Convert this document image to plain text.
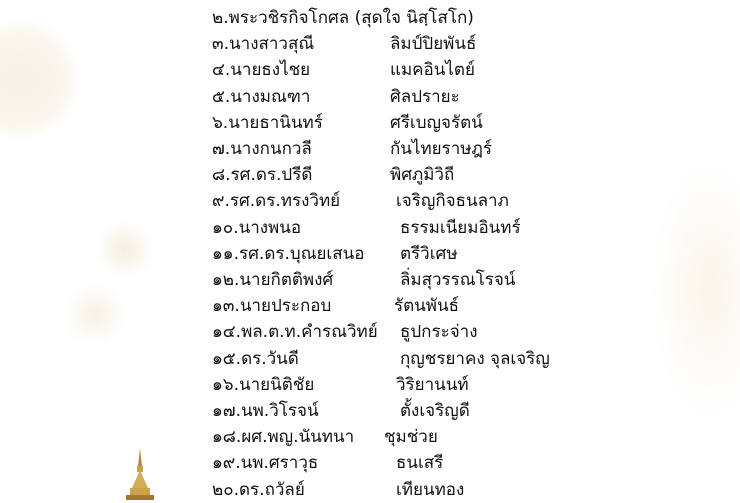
๒.พระวชิรกิจโกศล (สุดใจ นิสฺโสโก)
๓.นางสาวสุณี	ลิมป์ปิยพันธ์
๔.นายธงไชย	แมคอินไตย์
๕.นางมณฑา	ศิลปรายะ
๖.นายธานินทร์	ศรีเบญจรัตน์
๗.นางกนกวลี	กันไทยราษฎร์
๘.รศ.ดร.ปรีดี	พิศภูมิวิถี
๙.รศ.ดร.ทรงวิทย์	เจริญกิจธนลาภ
๑๐.นางพนอ	ธรรมเนียมอินทร์
๑๑.รศ.ดร.บุณยเสนอ ตรีวิเศษ
๑๒.นายกิตติพงศ์	ลิ่มสุวรรณโรจน์
๑๓.นายประกอบ	รัตนพันธ์
๑๔.พล.ต.ท.คำรณวิทย์ ธูปกระจ่าง
๑๕.ดร.วันดี	กุญชรยาคง จุลเจริญ
๑๖.นายนิติชัย	วิริยานนท์
๑๗.นพ.วิโรจน์	ตั้งเจริญดี
๑๘.ผศ.พญ.นันทนา ชุมช่วย
๑๙.นพ.ศราวุธ	ธนเสรี
๒๐.ดร.ถวัลย์	เทียนทอง
